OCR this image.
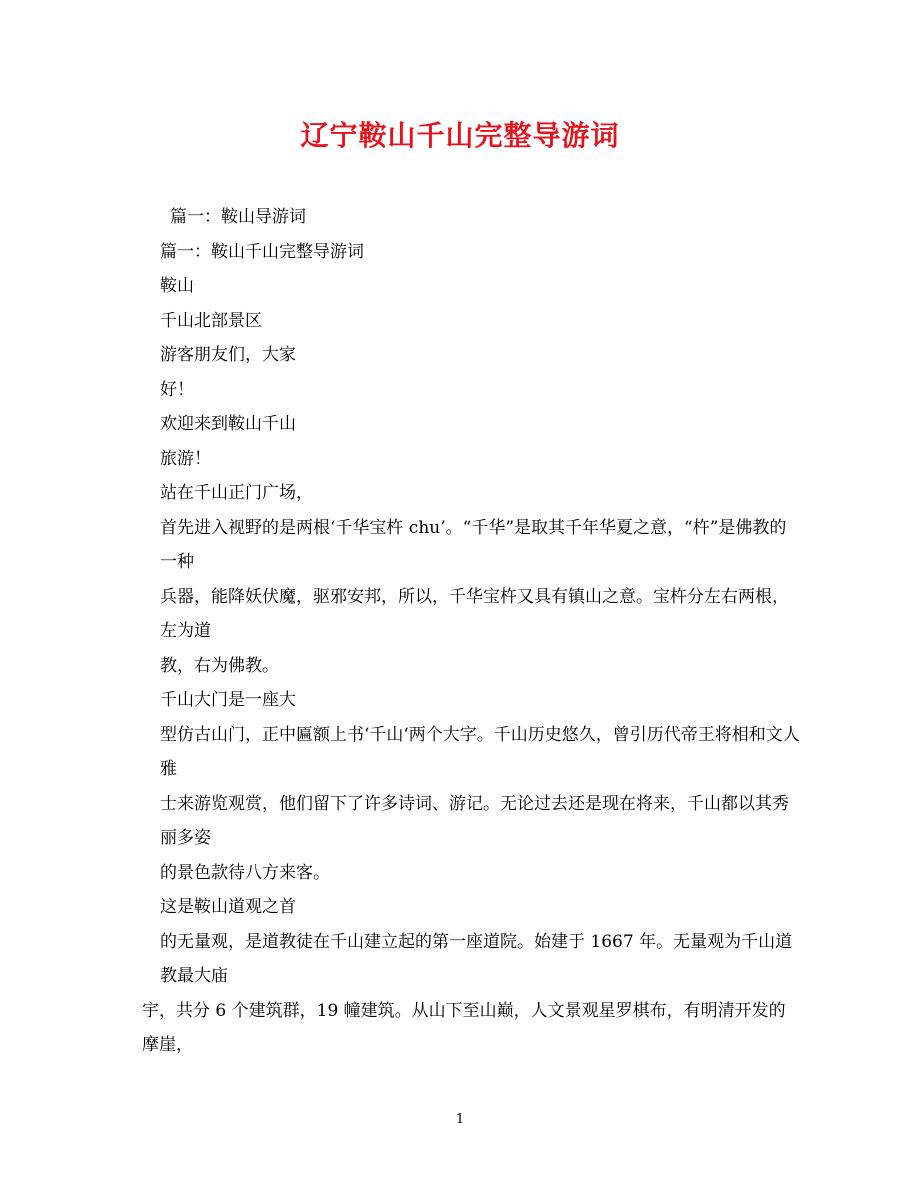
辽宁鞍山千山完整导游词

篇一：鞍山导游词

篇一：鞍山千山完整导游词

鞍山

千山北部景区

游客朋友们，大家

好！

欢迎来到鞍山千山

旅游！

站在千山正门广场，

首先进入视野的是两根‘千华宝杵 chu’。“千华”是取其千年华夏之意，“杵”是佛教的一种

兵器，能降妖伏魔，驱邪安邦，所以，千华宝杵又具有镇山之意。宝杵分左右两根，左为道

教，右为佛教。

千山大门是一座大

型仿古山门，正中匾额上书‘千山‘两个大字。千山历史悠久，曾引历代帝王将相和文人雅

士来游览观赏，他们留下了许多诗词、游记。无论过去还是现在将来，千山都以其秀丽多姿

的景色款待八方来客。

这是鞍山道观之首

的无量观，是道教徒在千山建立起的第一座道院。始建于 1667 年。无量观为千山道教最大庙

宇，共分 6 个建筑群，19 幢建筑。从山下至山巅，人文景观星罗棋布，有明清开发的摩崖，

1
